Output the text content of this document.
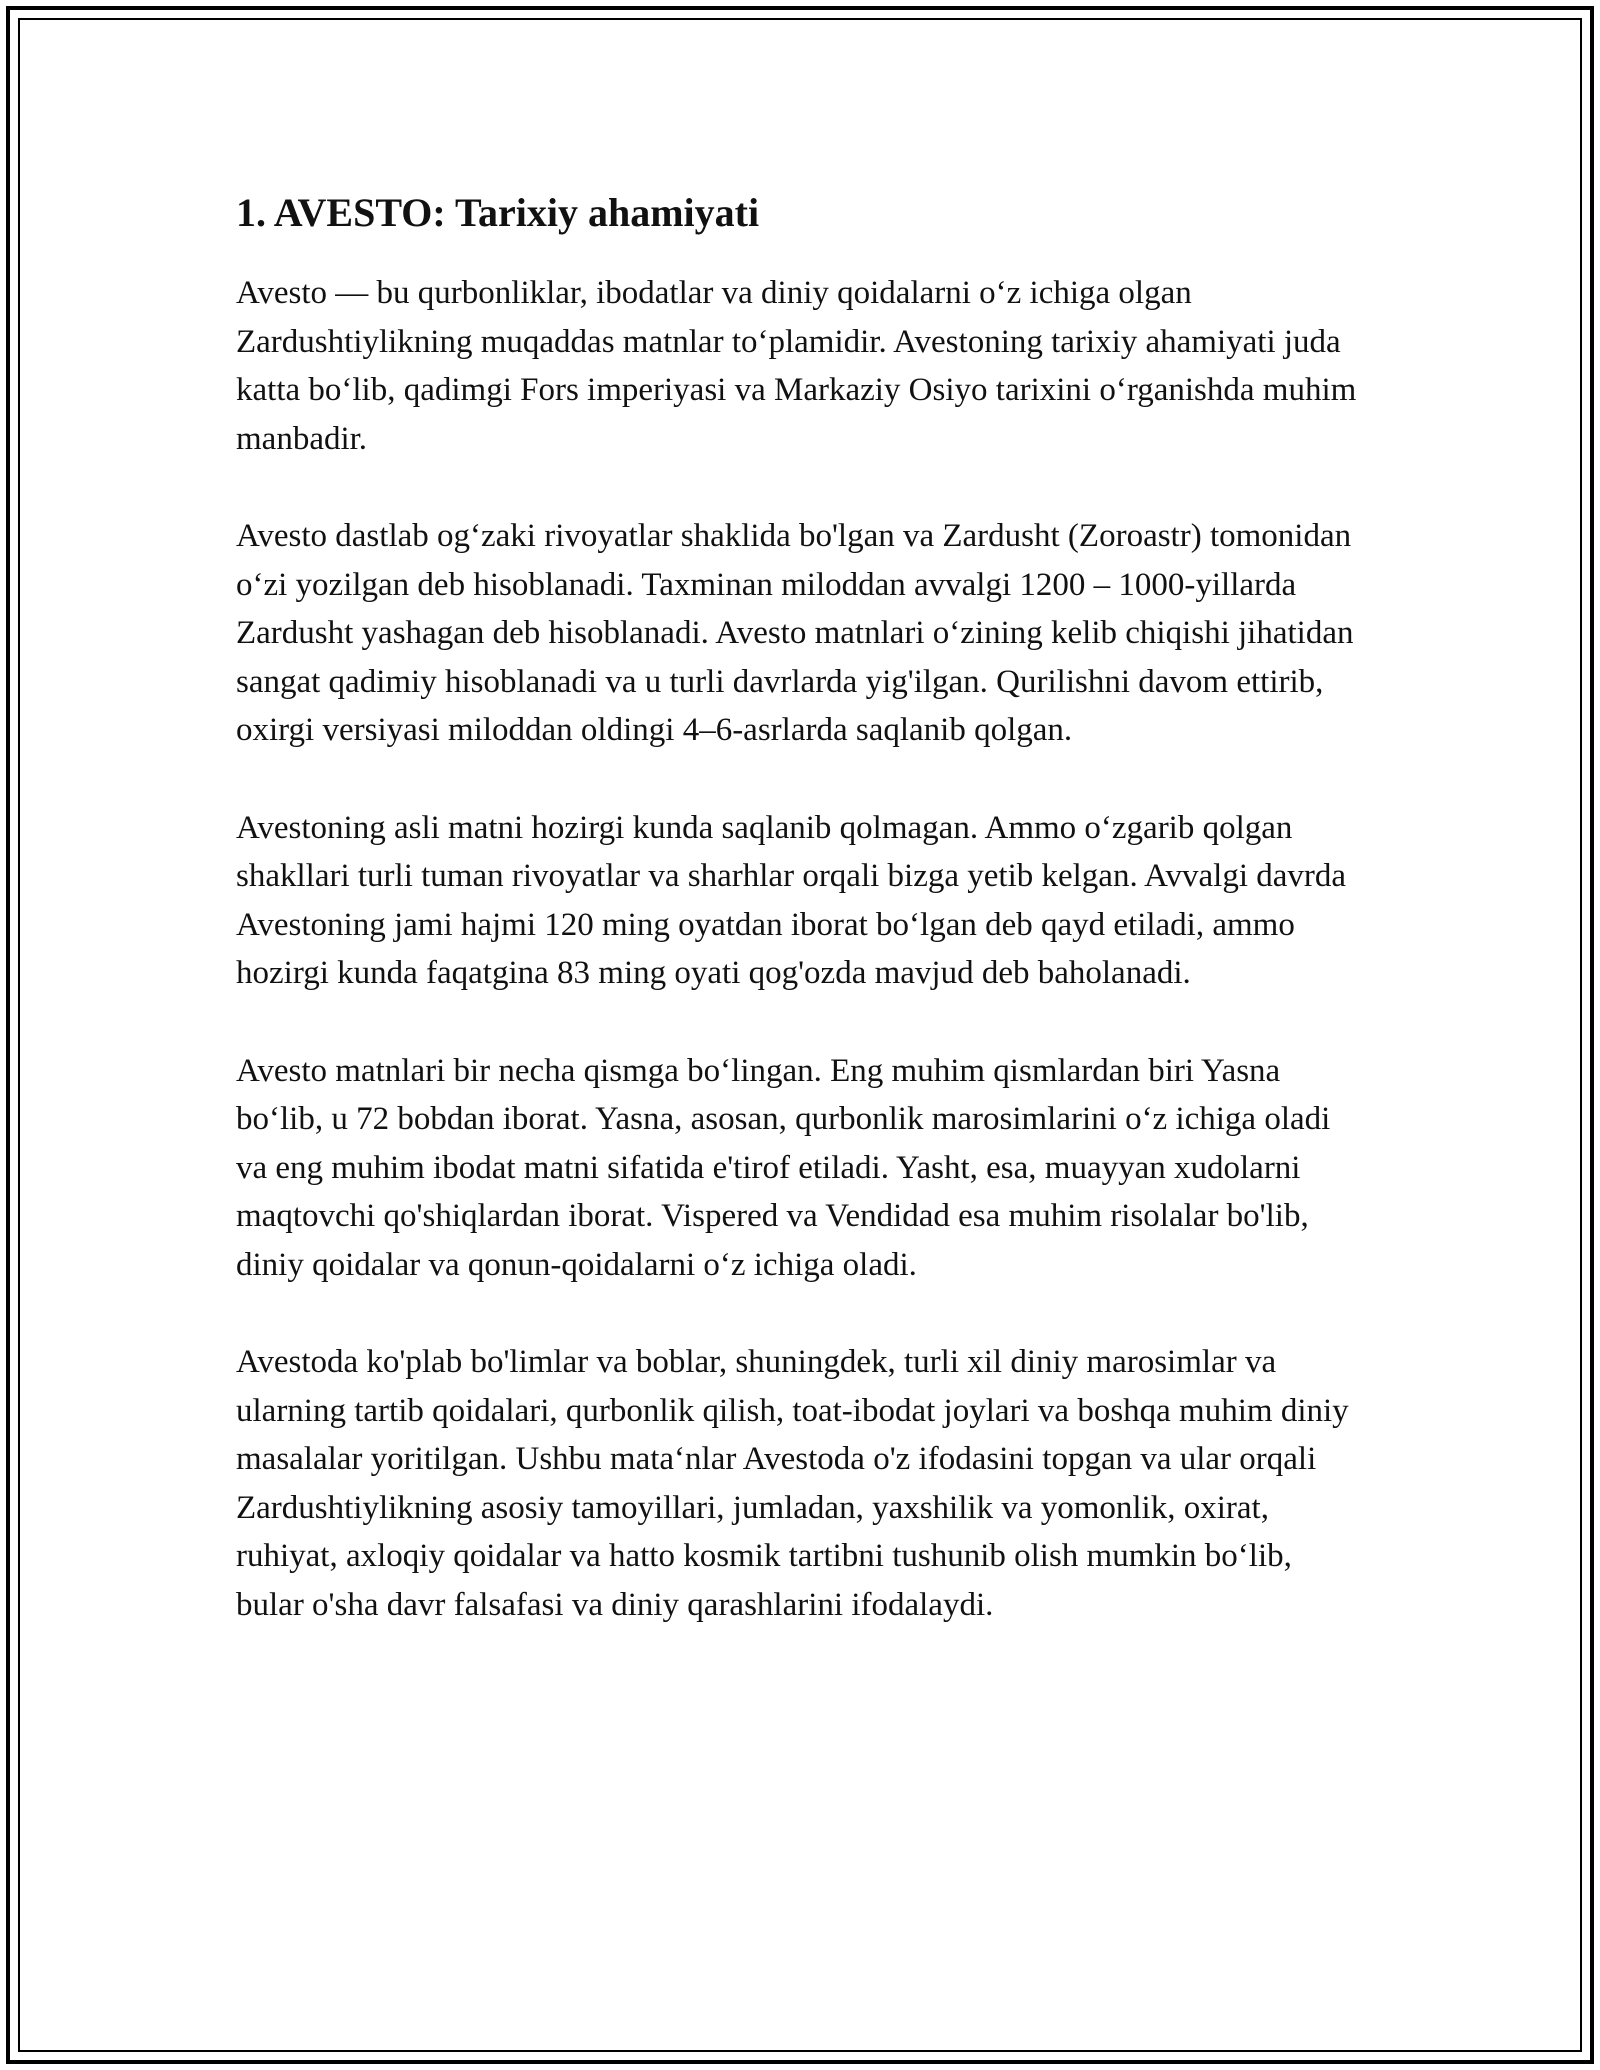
1. AVESTO: Tarixiy ahamiyati

Avesto — bu qurbonliklar, ibodatlar va diniy qoidalarni o‘z ichiga olgan Zardushtiylikning muqaddas matnlar to‘plamidir. Avestoning tarixiy ahamiyati juda katta bo‘lib, qadimgi Fors imperiyasi va Markaziy Osiyo tarixini o‘rganishda muhim manbadir.

Avesto dastlab og‘zaki rivoyatlar shaklida bo'lgan va Zardusht (Zoroastr) tomonidan o‘zi yozilgan deb hisoblanadi. Taxminan miloddan avvalgi 1200 – 1000-yillarda Zardusht yashagan deb hisoblanadi. Avesto matnlari o‘zining kelib chiqishi jihatidan sangat qadimiy hisoblanadi va u turli davrlarda yig'ilgan. Qurilishni davom ettirib, oxirgi versiyasi miloddan oldingi 4–6-asrlarda saqlanib qolgan.

Avestoning asli matni hozirgi kunda saqlanib qolmagan. Ammo o‘zgarib qolgan shakllari turli tuman rivoyatlar va sharhlar orqali bizga yetib kelgan. Avvalgi davrda Avestoning jami hajmi 120 ming oyatdan iborat bo‘lgan deb qayd etiladi, ammo hozirgi kunda faqatgina 83 ming oyati qog'ozda mavjud deb baholanadi.

Avesto matnlari bir necha qismga bo‘lingan. Eng muhim qismlardan biri Yasna bo‘lib, u 72 bobdan iborat. Yasna, asosan, qurbonlik marosimlarini o‘z ichiga oladi va eng muhim ibodat matni sifatida e'tirof etiladi. Yasht, esa, muayyan xudolarni maqtovchi qo'shiqlardan iborat. Vispered va Vendidad esa muhim risolalar bo'lib, diniy qoidalar va qonun-qoidalarni o‘z ichiga oladi.

Avestoda ko'plab bo'limlar va boblar, shuningdek, turli xil diniy marosimlar va ularning tartib qoidalari, qurbonlik qilish, toat-ibodat joylari va boshqa muhim diniy masalalar yoritilgan. Ushbu mata‘nlar Avestoda o'z ifodasini topgan va ular orqali Zardushtiylikning asosiy tamoyillari, jumladan, yaxshilik va yomonlik, oxirat, ruhiyat, axloqiy qoidalar va hatto kosmik tartibni tushunib olish mumkin bo‘lib, bular o'sha davr falsafasi va diniy qarashlarini ifodalaydi.
